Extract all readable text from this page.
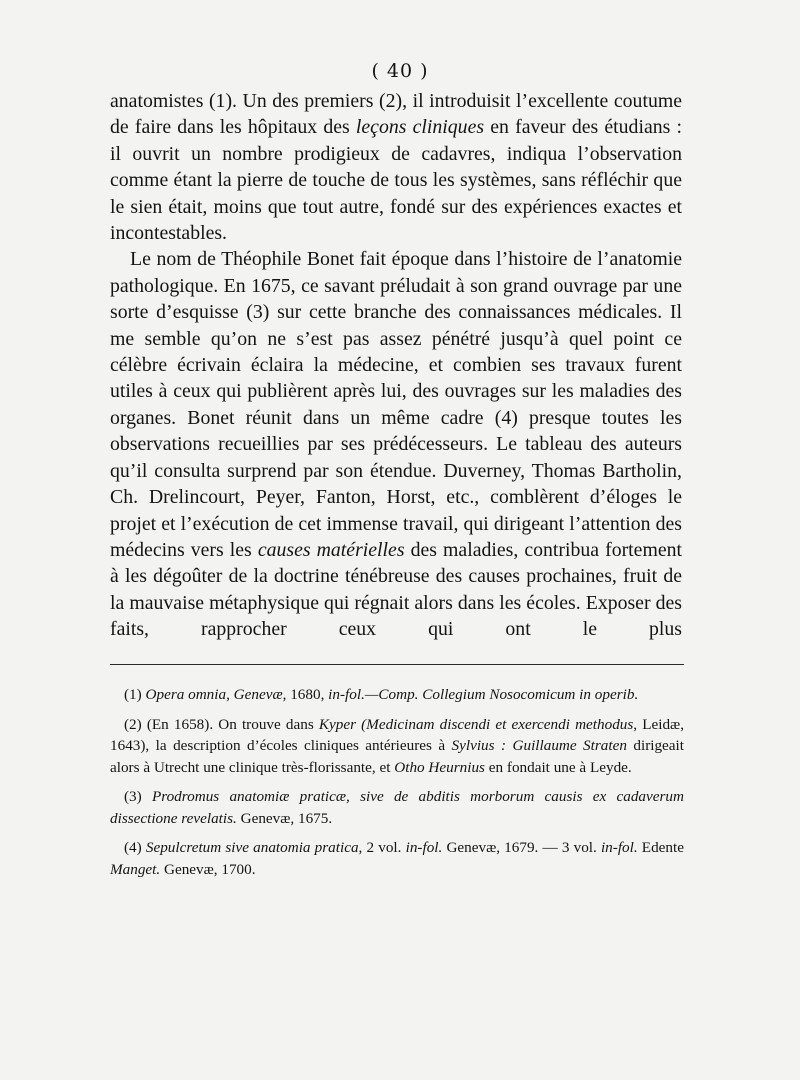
( 40 )

anatomistes (1). Un des premiers (2), il introduisit l’excellente coutume de faire dans les hôpitaux des leçons cliniques en faveur des étudians : il ouvrit un nombre prodigieux de cadavres, indiqua l’observation comme étant la pierre de touche de tous les systèmes, sans réfléchir que le sien était, moins que tout autre, fondé sur des expériences exactes et incontestables.

Le nom de Théophile Bonet fait époque dans l’histoire de l’anatomie pathologique. En 1675, ce savant préludait à son grand ouvrage par une sorte d’esquisse (3) sur cette branche des connaissances médicales. Il me semble qu’on ne s’est pas assez pénétré jusqu’à quel point ce célèbre écrivain éclaira la médecine, et combien ses travaux furent utiles à ceux qui publièrent après lui, des ouvrages sur les maladies des organes. Bonet réunit dans un même cadre (4) presque toutes les observations recueillies par ses prédécesseurs. Le tableau des auteurs qu’il consulta surprend par son étendue. Duverney, Thomas Bartholin, Ch. Drelincourt, Peyer, Fanton, Horst, etc., comblèrent d’éloges le projet et l’exécution de cet immense travail, qui dirigeant l’attention des médecins vers les causes matérielles des maladies, contribua fortement à les dégoûter de la doctrine ténébreuse des causes prochaines, fruit de la mauvaise métaphysique qui régnait alors dans les écoles. Exposer des faits, rapprocher ceux qui ont le plus

(1) Opera omnia, Genevæ, 1680, in-fol.—Comp. Collegium Nosocomicum in operib.

(2) (En 1658). On trouve dans Kyper (Medicinam discendi et exercendi methodus, Leidæ, 1643), la description d’écoles cliniques antérieures à Sylvius : Guillaume Straten dirigeait alors à Utrecht une clinique très-florissante, et Otho Heurnius en fondait une à Leyde.

(3) Prodromus anatomiæ praticæ, sive de abditis morborum causis ex cadaverum dissectione revelatis. Genevæ, 1675.

(4) Sepulcretum sive anatomia pratica, 2 vol. in-fol. Genevæ, 1679. — 3 vol. in-fol. Edente Manget. Genevæ, 1700.
